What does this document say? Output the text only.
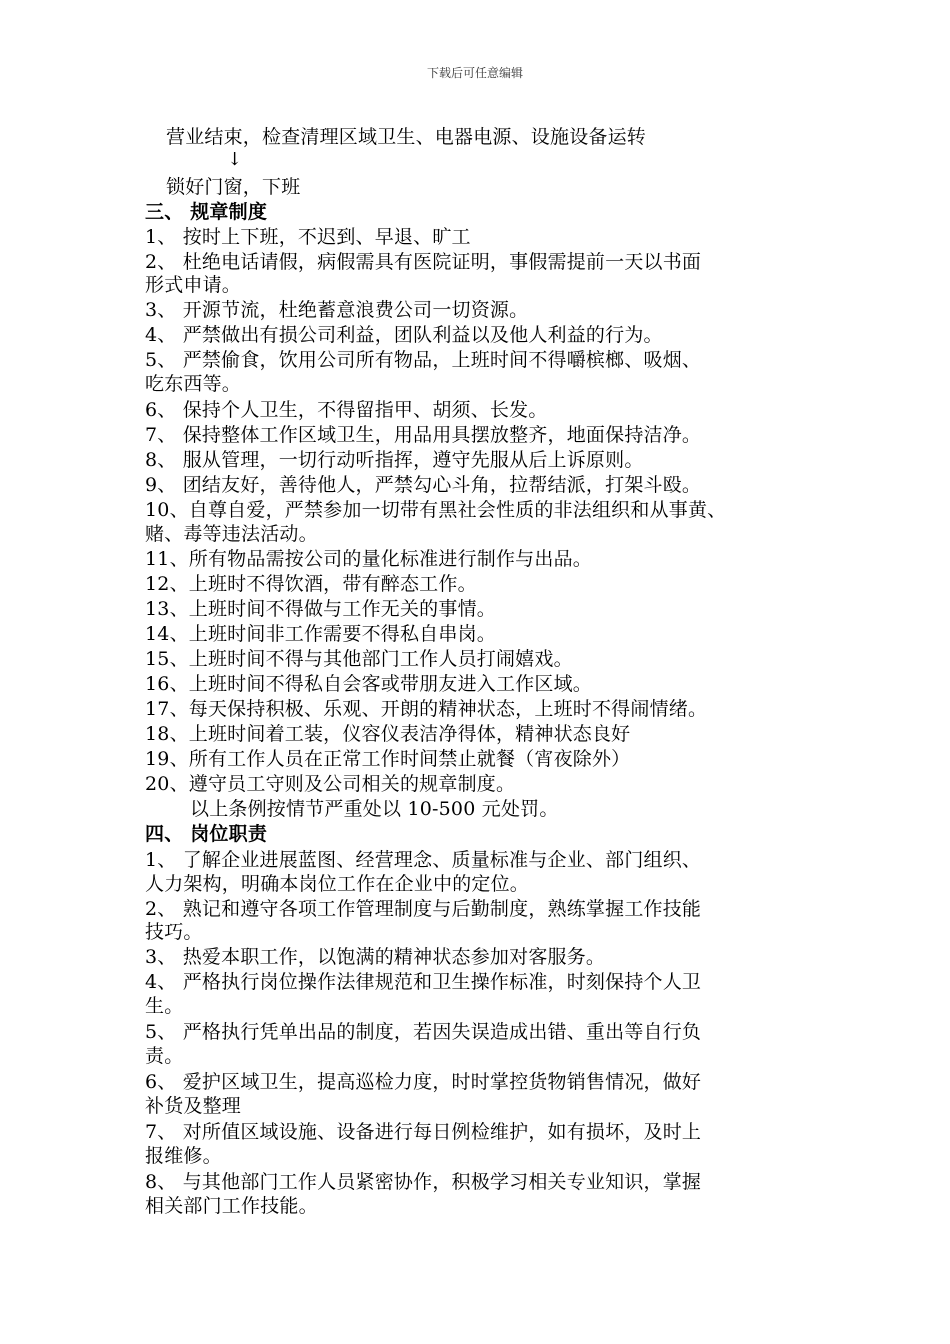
下载后可任意编辑
营业结束，检查清理区域卫生、电器电源、设施设备运转
↓
锁好门窗，下班
三、 规章制度
1、 按时上下班，不迟到、早退、旷工
2、 杜绝电话请假，病假需具有医院证明，事假需提前一天以书面
形式申请。
3、 开源节流，杜绝蓄意浪费公司一切资源。
4、 严禁做出有损公司利益，团队利益以及他人利益的行为。
5、 严禁偷食，饮用公司所有物品，上班时间不得嚼槟榔、吸烟、
吃东西等。
6、 保持个人卫生，不得留指甲、胡须、长发。
7、 保持整体工作区域卫生，用品用具摆放整齐，地面保持洁净。
8、 服从管理，一切行动听指挥，遵守先服从后上诉原则。
9、 团结友好，善待他人，严禁勾心斗角，拉帮结派，打架斗殴。
10、自尊自爱，严禁参加一切带有黑社会性质的非法组织和从事黄、
赌、毒等违法活动。
11、所有物品需按公司的量化标准进行制作与出品。
12、上班时不得饮酒，带有醉态工作。
13、上班时间不得做与工作无关的事情。
14、上班时间非工作需要不得私自串岗。
15、上班时间不得与其他部门工作人员打闹嬉戏。
16、上班时间不得私自会客或带朋友进入工作区域。
17、每天保持积极、乐观、开朗的精神状态，上班时不得闹情绪。
18、上班时间着工装，仪容仪表洁净得体，精神状态良好
19、所有工作人员在正常工作时间禁止就餐（宵夜除外）
20、遵守员工守则及公司相关的规章制度。
以上条例按情节严重处以 10-500 元处罚。
四、 岗位职责
1、 了解企业进展蓝图、经营理念、质量标准与企业、部门组织、
人力架构，明确本岗位工作在企业中的定位。
2、 熟记和遵守各项工作管理制度与后勤制度，熟练掌握工作技能
技巧。
3、 热爱本职工作，以饱满的精神状态参加对客服务。
4、 严格执行岗位操作法律规范和卫生操作标准，时刻保持个人卫
生。
5、 严格执行凭单出品的制度，若因失误造成出错、重出等自行负
责。
6、 爱护区域卫生，提高巡检力度，时时掌控货物销售情况，做好
补货及整理
7、 对所值区域设施、设备进行每日例检维护，如有损坏，及时上
报维修。
8、 与其他部门工作人员紧密协作，积极学习相关专业知识，掌握
相关部门工作技能。
